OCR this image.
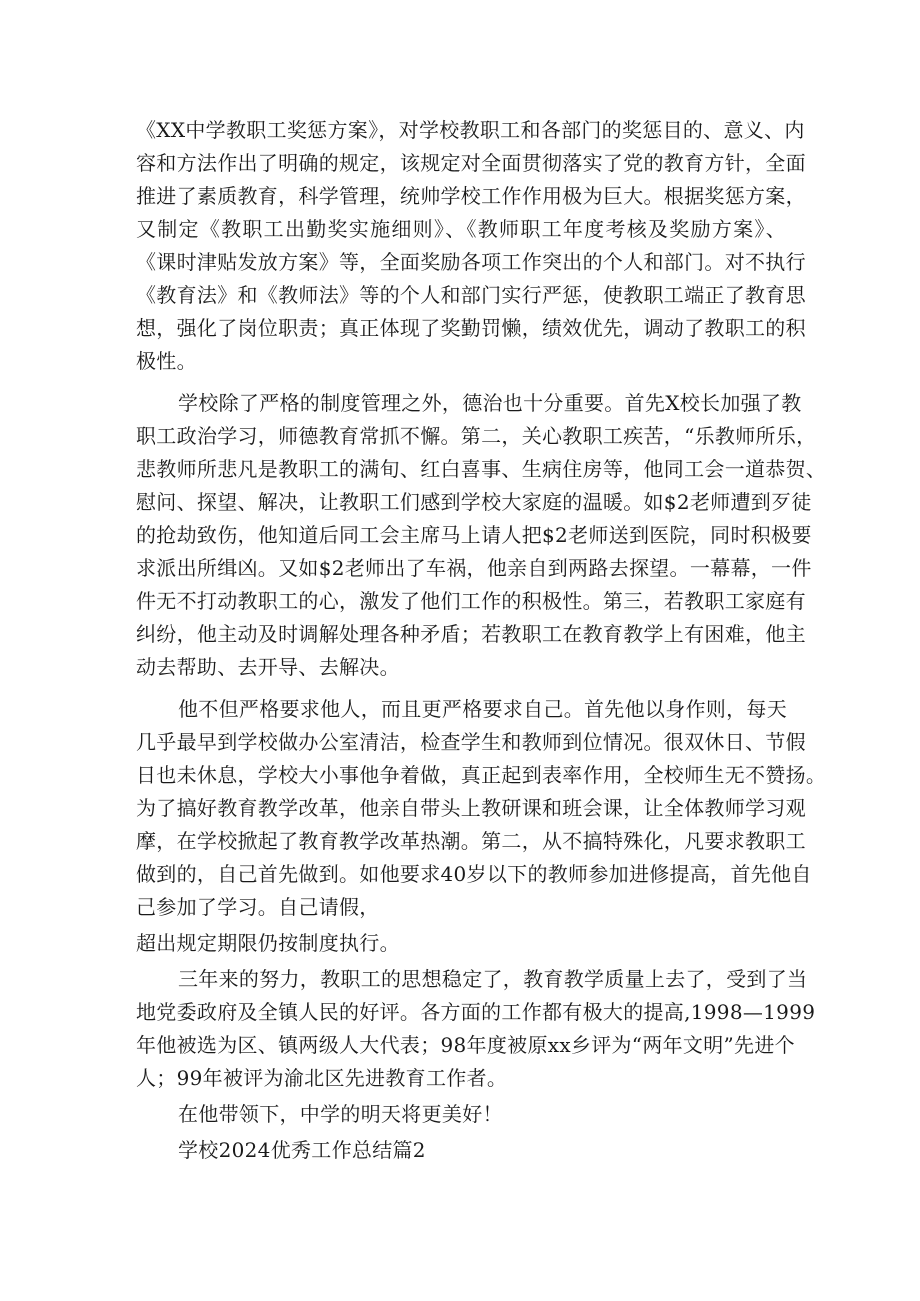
《XX中学教职工奖惩方案》，对学校教职工和各部门的奖惩目的、意义、内
容和方法作出了明确的规定，该规定对全面贯彻落实了党的教育方针，全面
推进了素质教育，科学管理，统帅学校工作作用极为巨大。根据奖惩方案，
又制定《教职工出勤奖实施细则》、《教师职工年度考核及奖励方案》、
《课时津贴发放方案》等，全面奖励各项工作突出的个人和部门。对不执行
《教育法》和《教师法》等的个人和部门实行严惩，使教职工端正了教育思
想，强化了岗位职责；真正体现了奖勤罚懒，绩效优先，调动了教职工的积
极性。
学校除了严格的制度管理之外，德治也十分重要。首先X校长加强了教
职工政治学习，师德教育常抓不懈。第二，关心教职工疾苦，“乐教师所乐，
悲教师所悲凡是教职工的满旬、红白喜事、生病住房等，他同工会一道恭贺、
慰问、探望、解决，让教职工们感到学校大家庭的温暖。如$2老师遭到歹徒
的抢劫致伤，他知道后同工会主席马上请人把$2老师送到医院，同时积极要
求派出所缉凶。又如$2老师出了车祸，他亲自到两路去探望。一幕幕，一件
件无不打动教职工的心，激发了他们工作的积极性。第三，若教职工家庭有
纠纷，他主动及时调解处理各种矛盾；若教职工在教育教学上有困难，他主
动去帮助、去开导、去解决。
他不但严格要求他人，而且更严格要求自己。首先他以身作则，每天
几乎最早到学校做办公室清洁，检查学生和教师到位情况。很双休日、节假
日也未休息，学校大小事他争着做，真正起到表率作用，全校师生无不赞扬。
为了搞好教育教学改革，他亲自带头上教研课和班会课，让全体教师学习观
摩，在学校掀起了教育教学改革热潮。第二，从不搞特殊化，凡要求教职工
做到的，自己首先做到。如他要求40岁以下的教师参加进修提高，首先他自
己参加了学习。自己请假，
超出规定期限仍按制度执行。
三年来的努力，教职工的思想稳定了，教育教学质量上去了，受到了当
地党委政府及全镇人民的好评。各方面的工作都有极大的提高,1998—1999
年他被选为区、镇两级人大代表；98年度被原xx乡评为“两年文明”先进个
人；99年被评为渝北区先进教育工作者。
在他带领下，中学的明天将更美好！
学校2024优秀工作总结篇2
